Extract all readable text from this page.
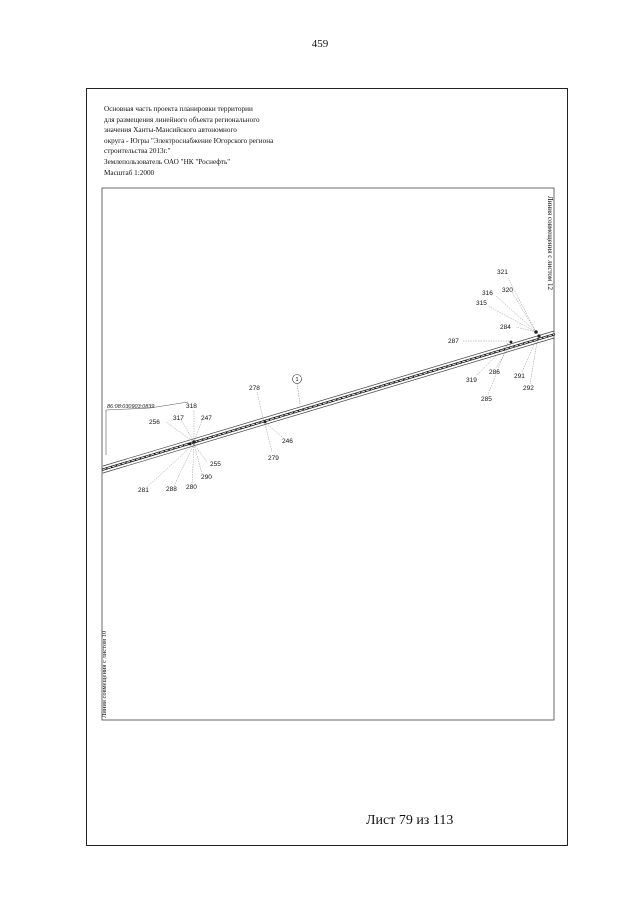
459
Основная часть проекта планировки территории
для размещения линейного объекта регионального
значения Ханты-Мансийского автономного
округа - Югры "Электроснабжение Югорского региона
строительства 2013г."
Землепользователь ОАО "НК "Роснефть"
Масштаб 1:2000
86:08:030903:0839
1
321
320
316
315
284
287
319
286
291
292
285
278
246
279
318
256
317	247
255
290
281	288 280
Линия совмещения с листом 12
Линия совмещения с листом 10
Лист 79 из 113
